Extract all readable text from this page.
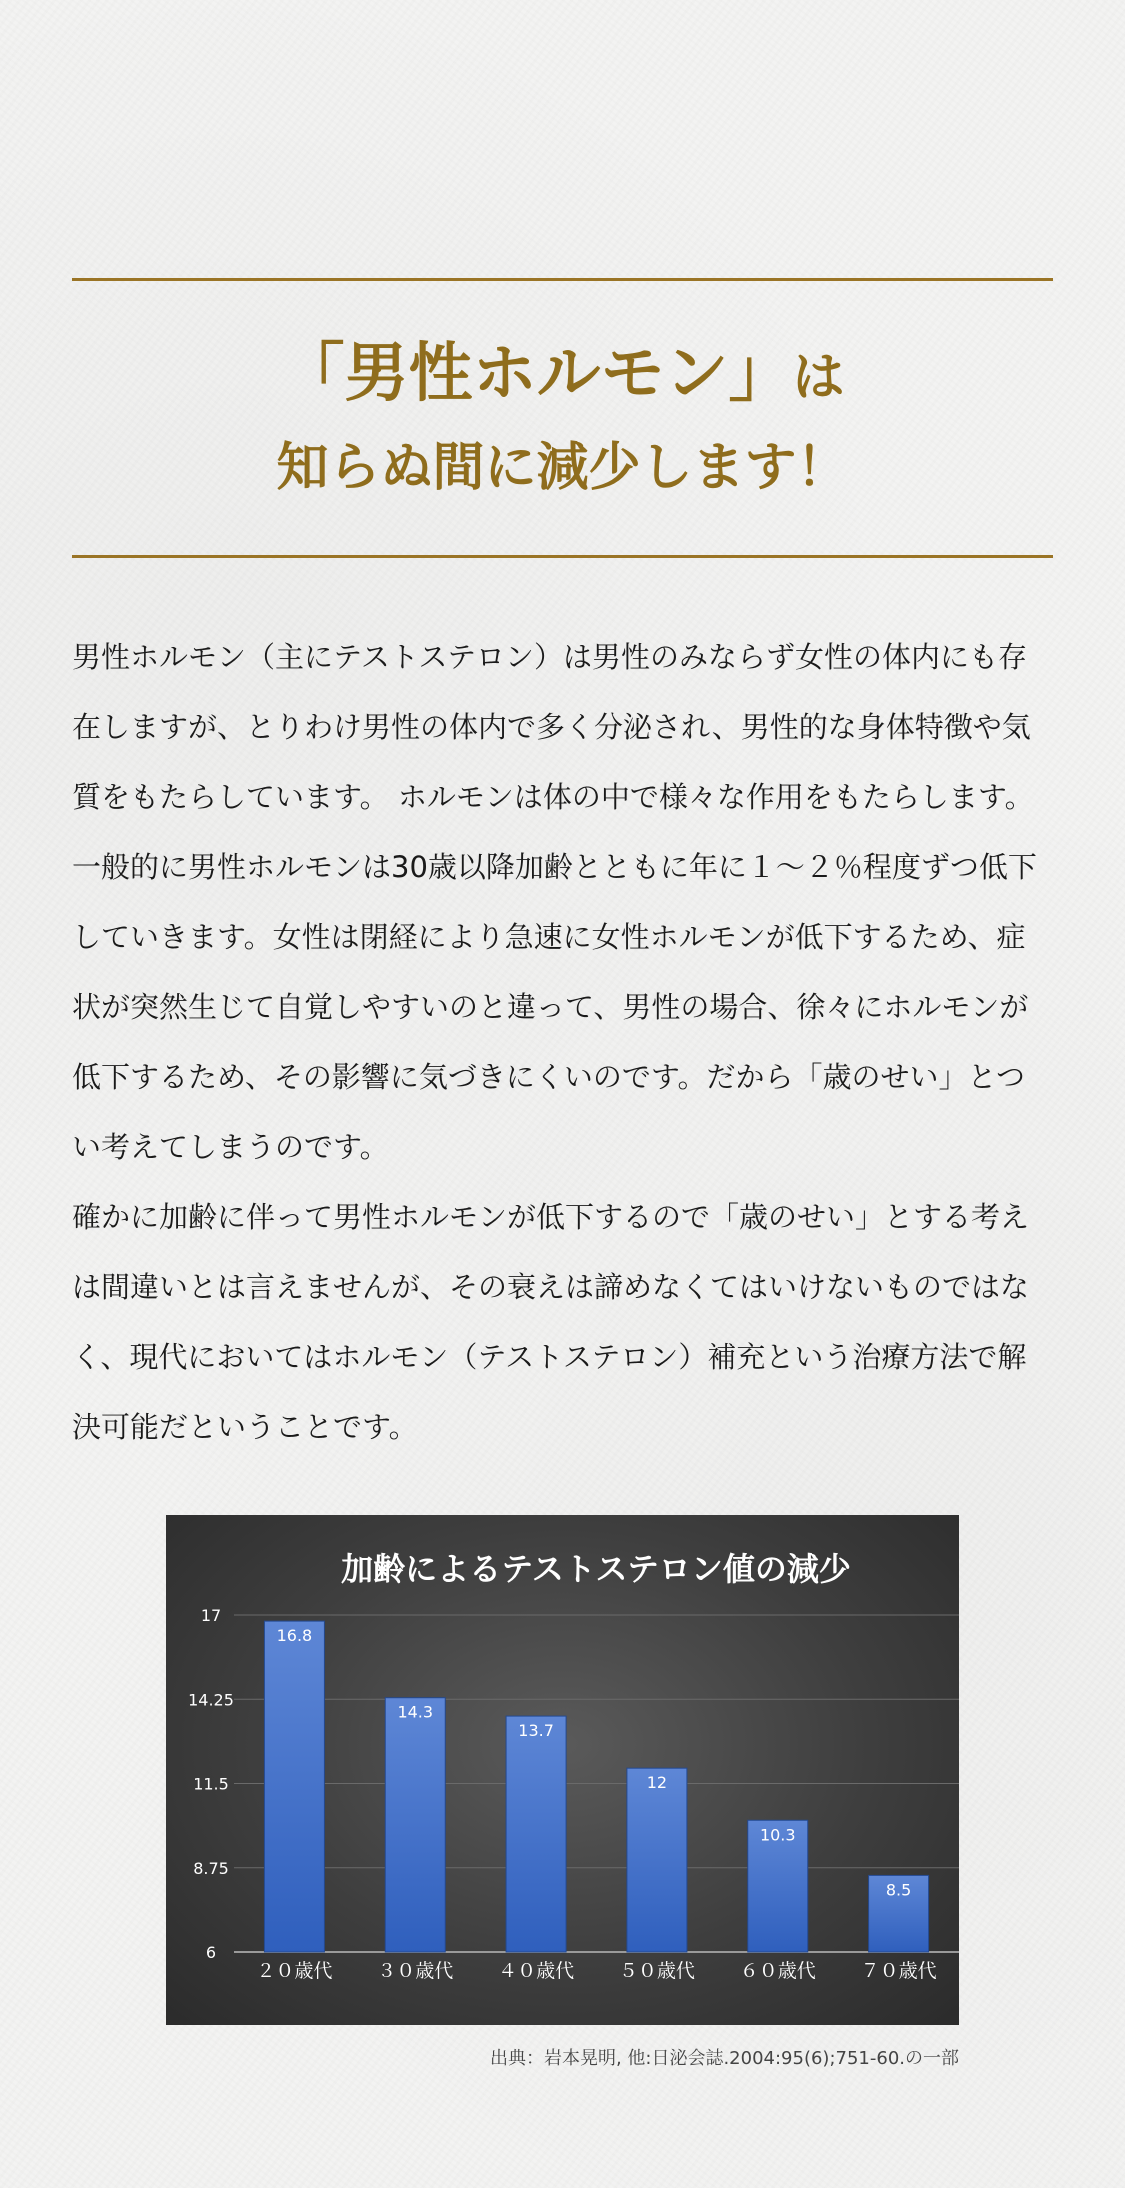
「男性ホルモン」は
知らぬ間に減少します！
男性ホルモン（主にテストステロン）は男性のみならず女性の体内にも存
在しますが、とりわけ男性の体内で多く分泌され、男性的な身体特徴や気
質をもたらしています。 ホルモンは体の中で様々な作用をもたらします。
一般的に男性ホルモンは30歳以降加齢とともに年に１〜２％程度ずつ低下
していきます。女性は閉経により急速に女性ホルモンが低下するため、症
状が突然生じて自覚しやすいのと違って、男性の場合、徐々にホルモンが
低下するため、その影響に気づきにくいのです。だから「歳のせい」とつ
い考えてしまうのです。
確かに加齢に伴って男性ホルモンが低下するので「歳のせい」とする考え
は間違いとは言えませんが、その衰えは諦めなくてはいけないものではな
く、現代においてはホルモン（テストステロン）補充という治療方法で解
決可能だということです。
加齢によるテストステロン値の減少
6
8.75
11.5
14.25
17
16.8
14.3
13.7
12
10.3
8.5
２０歳代 ３０歳代 ４０歳代 ５０歳代 ６０歳代 ７０歳代
出典：岩本晃明, 他:日泌会誌.2004:95(6);751-60.の一部
